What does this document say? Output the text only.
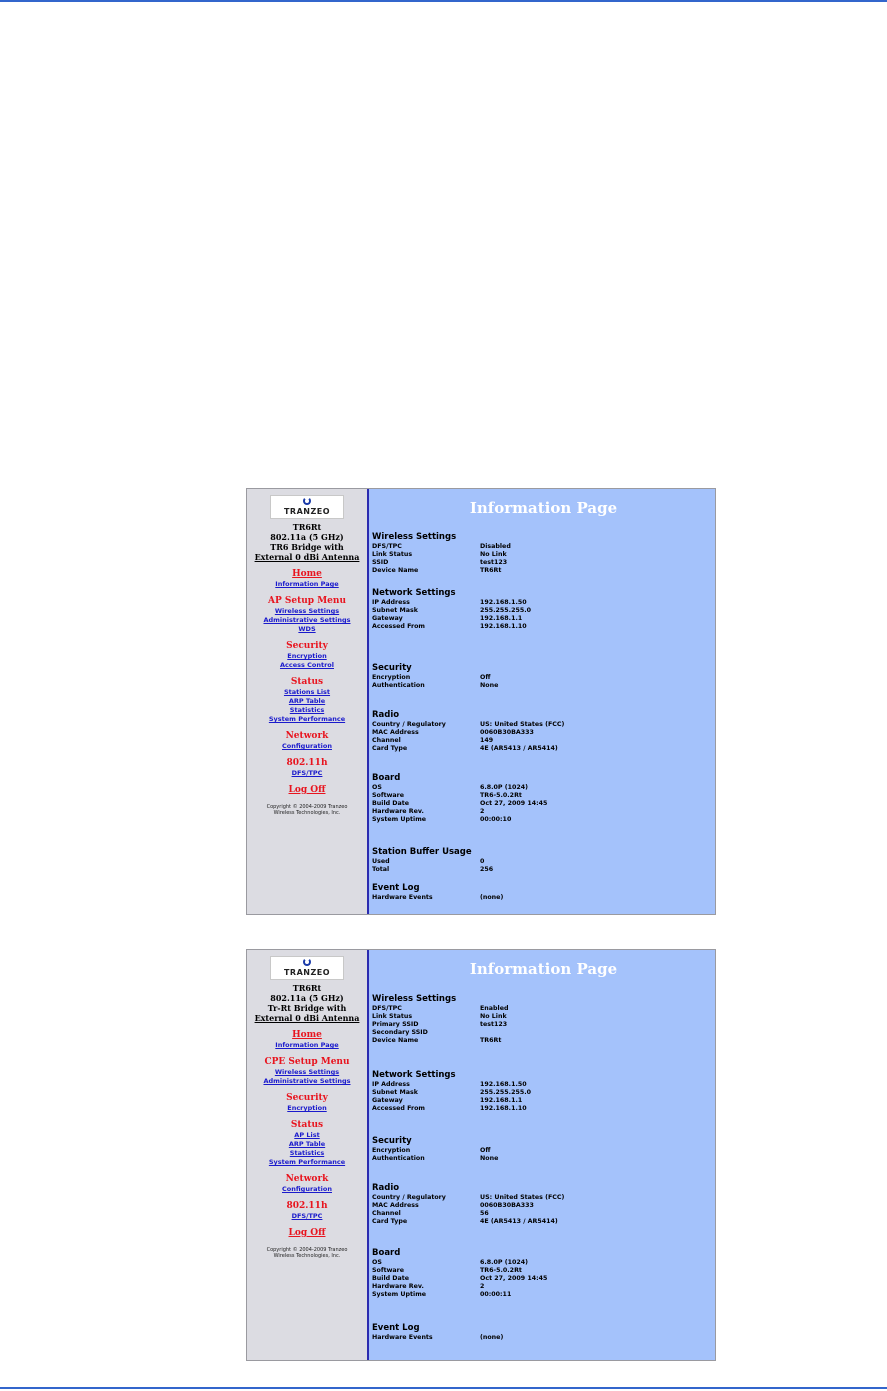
TRANZEO
TR6Rt
802.11a (5 GHz)
TR6 Bridge with
External 0 dBi Antenna
Home
Information Page
AP Setup Menu
Wireless Settings
Administrative Settings
WDS
Security
Encryption
Access Control
Status
Stations List
ARP Table
Statistics
System Performance
Network
Configuration
802.11h
DFS/TPC
Log Off
Copyright © 2004-2009 Tranzeo
Wireless Technologies, Inc.
Information Page
Wireless Settings
DFS/TPC	Disabled
Link Status	No Link
SSID	test123
Device Name	TR6Rt
Network Settings
IP Address	192.168.1.50
Subnet Mask	255.255.255.0
Gateway	192.168.1.1
Accessed From	192.168.1.10
Security
Encryption	Off
Authentication	None
Radio
Country / Regulatory	US: United States (FCC)
MAC Address	0060B30BA333
Channel	149
Card Type	4E (AR5413 / AR5414)
Board
OS	6.8.0P (1024)
Software	TR6-5.0.2Rt
Build Date	Oct 27, 2009 14:45
Hardware Rev.	2
System Uptime	00:00:10
Station Buffer Usage
Used	0
Total	256
Event Log
Hardware Events	(none)
TRANZEO
TR6Rt
802.11a (5 GHz)
Tr-Rt Bridge with
External 0 dBi Antenna
Home
Information Page
CPE Setup Menu
Wireless Settings
Administrative Settings
Security
Encryption
Status
AP List
ARP Table
Statistics
System Performance
Network
Configuration
802.11h
DFS/TPC
Log Off
Copyright © 2004-2009 Tranzeo
Wireless Technologies, Inc.
Information Page
Wireless Settings
DFS/TPC	Enabled
Link Status	No Link
Primary SSID	test123
Secondary SSID
Device Name	TR6Rt
Network Settings
IP Address	192.168.1.50
Subnet Mask	255.255.255.0
Gateway	192.168.1.1
Accessed From	192.168.1.10
Security
Encryption	Off
Authentication	None
Radio
Country / Regulatory	US: United States (FCC)
MAC Address	0060B30BA333
Channel	56
Card Type	4E (AR5413 / AR5414)
Board
OS	6.8.0P (1024)
Software	TR6-5.0.2Rt
Build Date	Oct 27, 2009 14:45
Hardware Rev.	2
System Uptime	00:00:11
Event Log
Hardware Events	(none)
